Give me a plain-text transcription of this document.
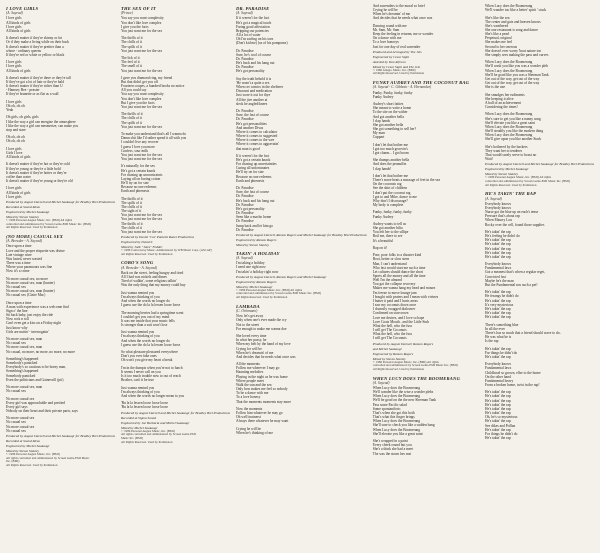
I LOVE GIRLS
(A. Sayead)
I love girls
All kinds of girls
I love girls
All kinds of girls
It doesn't matter if they're skinny or fat
Or if they make a living while on their back
It doesn't matter if they're prettier than a
whore - ordinary queens
If they're red or white or yellow or black
I love girls
I love girls
All kinds of girls
It doesn't matter if they're there or they're tall
If they've got a lot of hair or they're bald
It doesn't matter if they're richer than U
- Hamsey Bee - peaster
If they're brunette or as flat as a wall
I love girls
Oh oh, oh oh
Yeah
Oh girls, oh girls, girls
I like the way a girl can energize the atmosphere
I like the way a girl can mesmerize, can make you
stop and stare
Oh oh, oh oh
Oh oh, oh oh
I love girls
Girls I love
All kinds of girls
It doesn't matter if they're hot or they're cold
If they're young or they're a little bold
It doesn't matter if they're hotter or they're
coffee than water
It doesn't matter if they're young or they're old
I love girls
All kinds of girls
I love girls
Produced by August Darnell and Michel Saakaugr for Bradley Brel Productions
Recorded at Sound Ideas
Engineered by Michel Saakaugr
Mixed by Steven Stanley
© 1986 Personal August Music, Inc. (BMI) All rights
controlled and administered by Screen Gems-EMI Music Inc. (BMI)
All Rights Reserved. Used by Permission
(NO MORE) CASUAL SEX
(A. Browder - A. Sayead)
Once upon a time
Love and the proper etiquette was divine
Late vintage wine
Was lasted, never wasted
There was a time
Where your paramours was fine
Now it's a crime
No more casual sex, no more
No more casual sex, man (hunter)
No casual sex
No more casual sex, man (hunter)
No casual sex (Claire Mac)
Once upon a time
A man with experience was a welcome find
Sign o' the line
Sit back baby, just enjoy the ride
Now rock n roll
Can't even get a kiss on a Friday night
Just know why
Girls are nuttin' - interrogatin'
No more casual sex, man
No casual sex
No more casual sex, man
No casual, no more, no more, no more, no more
Something's happened
Somebody's panicked
Everybody's so cautious to be horny man,
Something's happened
Somebody panicked
Even the politicians and Gainesvill (pit)
No more casual sex, man
No casual sex
No more casual sex
Every girl was approachable and prettied
Every girl says
Nobody on their heart and their private parts, says
No more casual sex
No casual sex
No more casual sex
No casual sex
Produced by August Darnell and Michel Saakaugr for Bradley Brel Productions
Recorded at Sound Ideas
Engineered by Michel Saakaugr
Mixed by Steven Stanley
© 1986 Personal August Music, Inc. (BMI)
All rights controlled and administered by Screen Gems-EMI Music
Inc. (BMI)
All Rights Reserved. Used by Permission
THE SEX OF IT
(Prince)
You say you want complexity
You don't like love complex
I give you the facts
You just want me for the sex
The thrills of it
The chills of it
The spills of it
You just want me for the sex
The lick of it
The feel of it
The smell of it
You just want me for the sex
I gave you diamond ring, my friend
But that didn't get you off
Fourteen coupes, a hundred books no notice
All you could say
You say you want complexity
You don't like love complex
But I give you the facts
You just want me for the sex
The thrills of it
The chills of it
The spills of it
You just want me for the sex
To make you understand that's all I wanna do
Damn shit like I'd rather spend it all with you
I couldn't live any recover
I guess I love you more
Confess, sour milk
You just want me for the sex
You just want me for the sex
It's naturally for the sex
He's got a certain knack
For chasing up unconstraints
Laying all on boring cotton
He'll try on for size
Because no one redeems
Earth and phrenesis
The thrills of it
The spills of it
The chills of it
The sight of it
You just want me for the sex
You just want me for the sex
The thrills of it
The chills of it
You just want me for the sex
Produced by Daniel 'Coe' Paulette Ranet Productions
Engineered by David Z
Mixed by Julie "Jules" Fodder
© 1986 Controversy Music. Administered by WB Music Corp. (ASCAP)
All Rights Reserved. Used by Permission
COBO'S SONG
(A. Browder - A. Sayead)
Back on the street, feeling hungry and tired
All I had was nickels and dimes
Tired of walkin', some religious talkin'
Was the only thing that my money could buy
Just wanna remind you
I'm always thinking of you
And when the words no longer do
I guess use the do la la lessen loose loose
The morning berries had a springtime scent
I couldn't get you out of my mind
It was me inside that your music fells
Is stronger than a suit won't lose
Just wanna remind you
I'm always thinking of you
And when the words no longer do
I guess use the do la la lessen loose loose
So what pleasure pleasured everywhere
Don't you ever fake ones
Oh won't you give my heart a break
I'm in the dumpts when you're not to lunch
It seems I never call on you
Is it too much trouble now to out of reach
Brother, can't it be true
Just wanna remind you
I'm always thinking of you
And when the words no longer mean to you
'Bu la la lessen loose loose loose
'Bu la la lessen loose loose loose
Produced by August Darnell and Michel Saakaugr for Bradley Brel Productions
Recorded at Sigma Sound
Engineered by Joe Barbaria and Michel Saakaugr
Mixed by Michel Saakaugr
© 1986 Personal August Music, Inc. (BMI)
All rights controlled and administered by Screen Gems-EMI
Music Inc. (BMI)
All Rights Reserved. Used by Permission
DR. PARADISE
(A. Sayead)
If it weren't for the fact
He's got a magical touch
Faring good affectation
Bripping our potencies
All a lot of water
Oh I'm surfing on his torn
(Don't kid me) (us of his pompoms)
Dr. Paradise
Sure, he's cool of course
Dr. Paradise
He's back and his hang out
Dr. Paradise
He's got personality
Say the truth behold it is
'He wasn't a quite a sex
When cer comics in the shelterer
Discount and medication
Just wore it out for thye
All the jive another at
sleck he angled/knees
Dr. Paradise
Sure, the fast of course
Dr. Paradise
He's got personalities
And another Divas
Where it comes to calculator
Where it comes to suggested
Where it comes to the wee
Where it comes to aggravatin'
that man is good
If it weren't for the fact
He's got a certain knack
For chasing up uncertainties
Curing all unfortunates
He'll try on for size
Because no one redeems
Earth and phrenesis
Dr. Paradise
Sure, the fast of course
Dr. Paradise
He's back and his hang out
Dr. Paradise
He's got personality
Dr. Paradise
Seen like a macho home
Dr. Paradise
Jump back and let him go
Dr. Paradise
Produced by August Darnell, Ramon Rogers and Michel Saakaugr for Bradley Brel Productions
Engineered by Ramon Rogers
Mixed by Steven Stanley
TAKIN' A HOLIDAY
(A. Sayead)
I'm taking a holiday
I need one right now
I'm takin' a holiday right now
Produced by August Darnell, Ramon Rogers and Michel Saakaugr
Engineered by Ramon Rogers
Mixed by Michel Saakaugr
© 1986 Personal August Music, Inc. (BMI) All rights
controlled and administered by Screen Gems-EMI Music Inc. (BMI)
All Rights Reserved. Used by Permission
LAMBADA
(C. Orlomano)
Now let's get away
Only when one's ever made the cry
Not to the street
For enough to make me wanna doe
She loved every time
In what her pussy, he
When my belt by the hand of my love
Crying for will be
When he's dreamin' of me
And decides that he needs what once was
All the moments
Follow me wherever I may go
Haunting melodies
Playing in the night as he was home
Where people meet
Walk the sun and the sea
Only how makes me feel so nobody
To be a dance with me
To a love honesy
That the moments moments stay more
Now the moments
Follow him whatever he may go
Oh well inuinerst
Always there whatever he may want
Crying he will be
When he's thinking of me
And surrenders to the moral so brief
Crying he will be
When he's dreamin' of me
And decides that he needs what once was
Dancing round with me
Mr. Sam, Mr. Sam
Keep the feeling in returnn, me or wonder
On a dance with me
To a love honoeys
Just for one day of real surrender
Produced and Arranged by The Jets
Engineered by Cesar Sight
Assisted by Tam Alfrnon
Mixed by Cesar Sight and The Jets
© 1986 Aliegro Music, Inc. (BMI)
All Rights Reserved. Used by Permission
FUNKY AUDREY AND THE COCONUT RAG
(A. Sayead - C. Gibboto - A. Hernandez)
Funky, Funky, funky, funky
Funky Audrey
Audrey's short fatties
She meant to write a home
To the site on the wither
And got another bella
I clap hands
She got another bella
She got something to sell her?
My man
Cuppart
I don't let that bother me
I got too much groovin's
I got charm... I got boom
She thumps another bella
And does the peanuffin
I clap hands!
I don't let that bother me
There's more beats a massage of feet in the sea
On the coconuts rag
See the shirt of children
I don't put the coconut rag
I got to and Mike, dance to me
Why don't I discourage?
My body is complete
Funky, funky, funky, funky
Funky Audrey
Audrey wants to tell us
She got another bilia
You left her to the sillipe
Boil me, there to see
It's a beautiful
Rap on it!
Poor, poor folks to a disaster kind
Boot, better or slow stern
Man, I can't understand
Who fast would start me such a time
Let cultures should dance the short
Sports all the money and all the time
Well I'm the almond
You got the collapse recovery
Makes me wanna hang my head and mourn
I'm freeze to move lounge jam
I bought with praters and I mean with vivines
I butter it paid and I hurts areas
I saw my coconuts down once
I clumsily swagged dialouver
Confirmed on stavcrown
Love me desires, and I love so hape
Love Coats Mouth.. and the Little Stub
What the hell, who the fuss
I will get The Coconuts
What the hell, who the fuss
I will get The Coconuts
Produced by August Darnell, Ramon Rogers
and Michel Saakaugr
Engineered by Ramon Rogers
Mixed by Steven Stanley
© 1986 Personal August Music, Inc. (BMI) All rights
controlled and administered by Screen Gems-EMI Music Inc. (BMI)
All Rights Reserved. Used by Permission
WHEN LUCY DOES THE BOOMERANG
(A. Sayead)
When Lucy does the Boomerang
We'll wander like the wise a wonder plebs
When Lucy does the Boomerang
We'll be good on the the new Sherman Tank
Pass some Pacific salad
Some spontaniforic
That's when she got this both
That's what this finger brings
When Lucy does the Boomerang
She'll sure to check you like a sudden hang
When Lucy does the Boomerang
She'll elevate you like a great saint
She's wrapped in a paint
Every cheek round but you
She's a think she had a meet
The was the storm hes reat
When Lucy does the Boomerang
We'll wander too like a better' spirit ' stuck
She's like the sea
The center and guts and heaven knows
She's weathered
She one restaurant is song and dance
She's like a pearl
Perpetual, original
She makes me feel
Second to her onerous
She doesn't ever worry 'bout nature too
She simply sees making the pass and curves
When Lucy does the Boomerang
She'll wash you like you was a wonder pleb
When Lucy does the Boomerang
She'll be good like you was a Sherman Tank
Get out of the way, get out of the way
Get out of the way, get out of the way
She is the one
She smudges her rudiments
She keeping it alive
A ball of an achievement
Considering the times!
When Lucy does the Boomerang
She's sure to get you like a nanny song
She'll elevate you like a great saint
When Lucy does the Boomerang
She'll steadily you like the modern thing
When Lucy does the Boomerang
She'll give upon you like another Stork
She's bothered by the backers
They want her to tenderer
That would surely serve to boast no
Wait!
Produced by August Darnell and Michel Saakaugr for Bradley Brel Productions
Engineered by Michel Saakaugr
Mixed by Steven Stanley
© 1986 Personal August Music, Inc. (BMI) All rights
controlled and administered by Screen Gems-EMI Music Inc. (BMI)
All Rights Reserved. Used by Permission
HE'S TAKIN' THE RAP
(A. Sayead)
Everybody knows
Everybody knows
Nurse got the blue up on each's tense
Pressure that's about rap
When Maurry Lou
Rocky over the cell, found those supplies
He's takin' the rap
He's feeling he didn't do
He's takin' the rap
He's takin' the rap
He's takin' the rap
He's takin' the rap
He's takin' the rap
Everybody knows
Fundamental laws
Got a meanest that's when a regular reget,
Convicted fast
Maybe he's the man
But the Fundamental nos such a pet!
He's takin' the rap
He fesangs he didn't do
He's takin' the rap
It's very mysterious
He's takin' the rap
He's takin' the rap
He's takin' the rap
There's something blue
In all the ever
There's has so much that a friend should wave to do..
He was what he is
Is the rap
He's takin' the rap
Far things he didn't do
He's takin' the rap
Everybody knows
Fundamental laws
Childhood so grown, ellse to the home
On the other hand
Fundamental heavy
From a broken home, twist in the rap!
He's takin' the rap
He's takin' the rap
He's takin' the rap
He's takin' the rap
He's takin' the rap
He's takin' the rap
Oh, he's so mysterious
He's takin' the rap
See dikes and Prillan
He's takin' the rap
For things he didn't do
He's takin' the rap
